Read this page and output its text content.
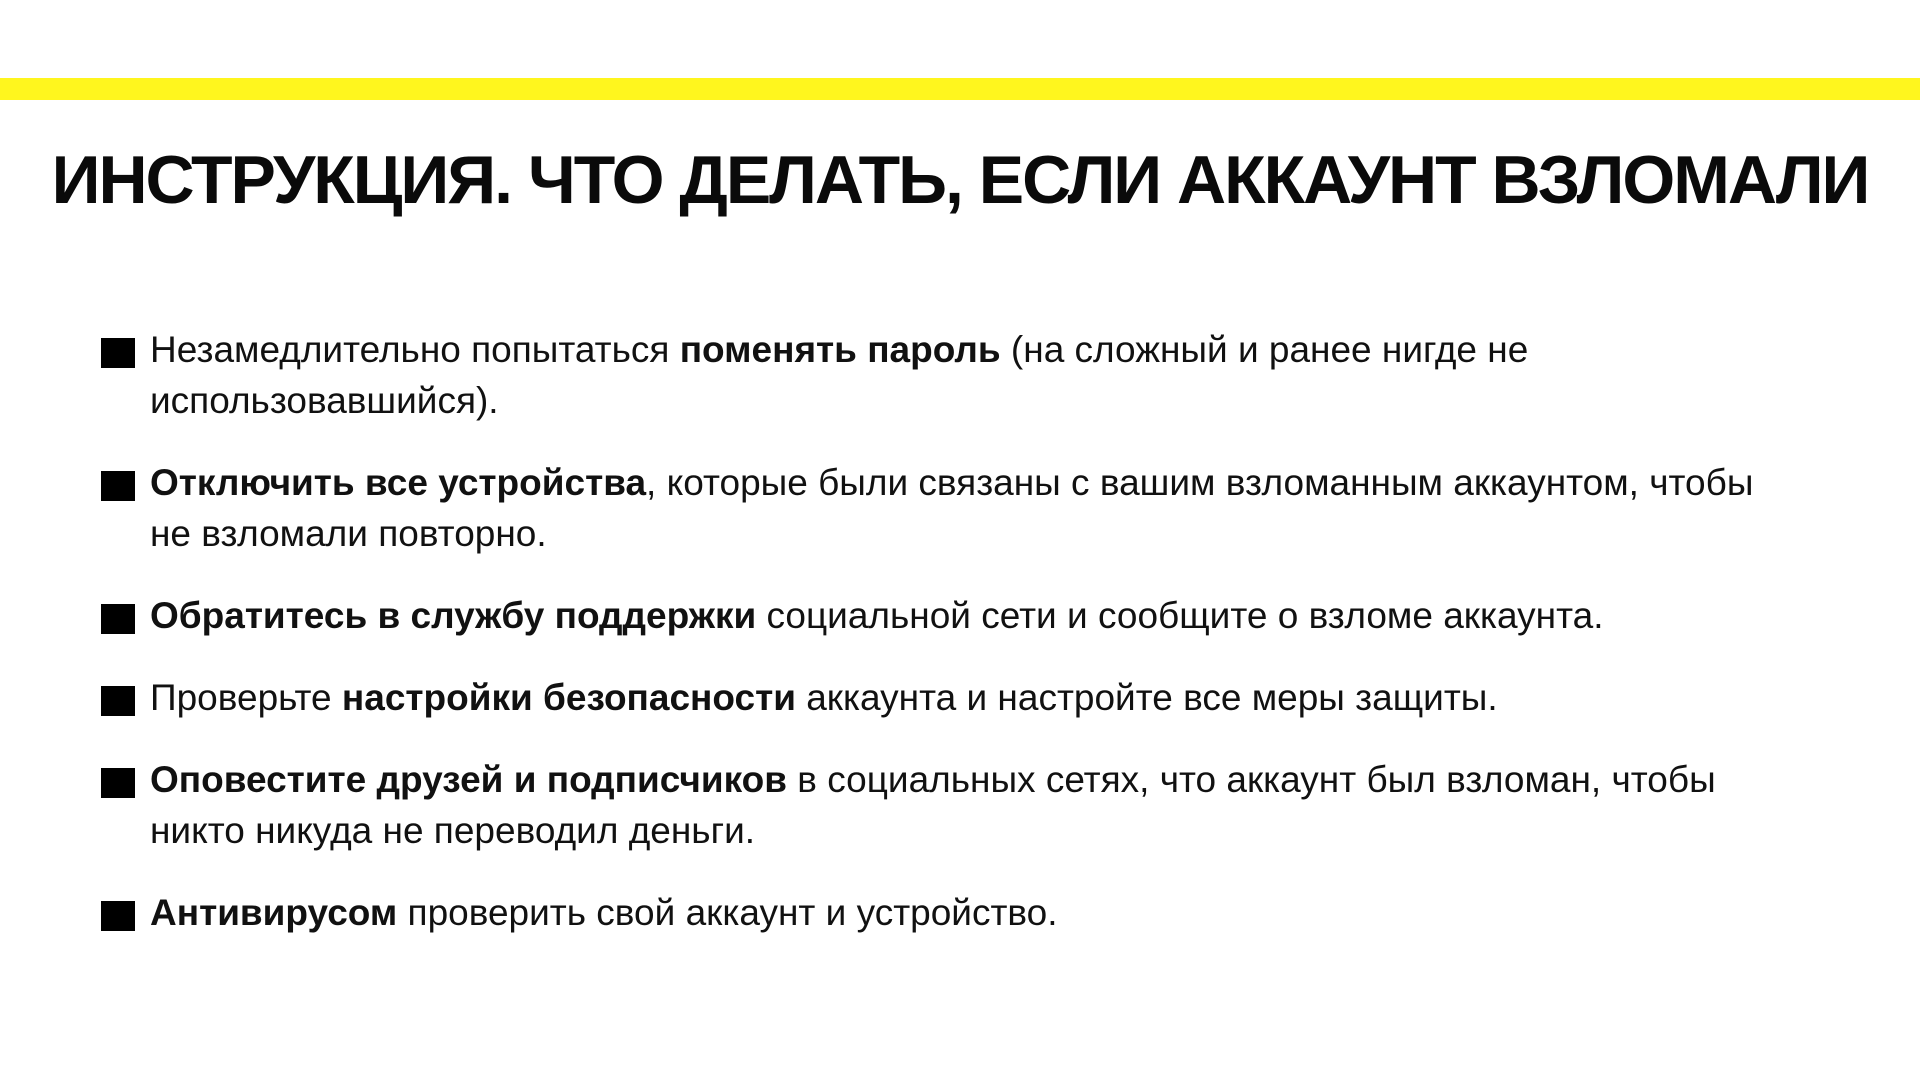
ИНСТРУКЦИЯ. ЧТО ДЕЛАТЬ, ЕСЛИ АККАУНТ ВЗЛОМАЛИ
Незамедлительно попытаться поменять пароль (на сложный и ранее нигде не использовавшийся).
Отключить все устройства, которые были связаны с вашим взломанным аккаунтом, чтобы не взломали повторно.
Обратитесь в службу поддержки социальной сети и сообщите о взломе аккаунта.
Проверьте настройки безопасности аккаунта и настройте все меры защиты.
Оповестите друзей и подписчиков в социальных сетях, что аккаунт был взломан, чтобы никто никуда не переводил деньги.
Антивирусом проверить свой аккаунт и устройство.
